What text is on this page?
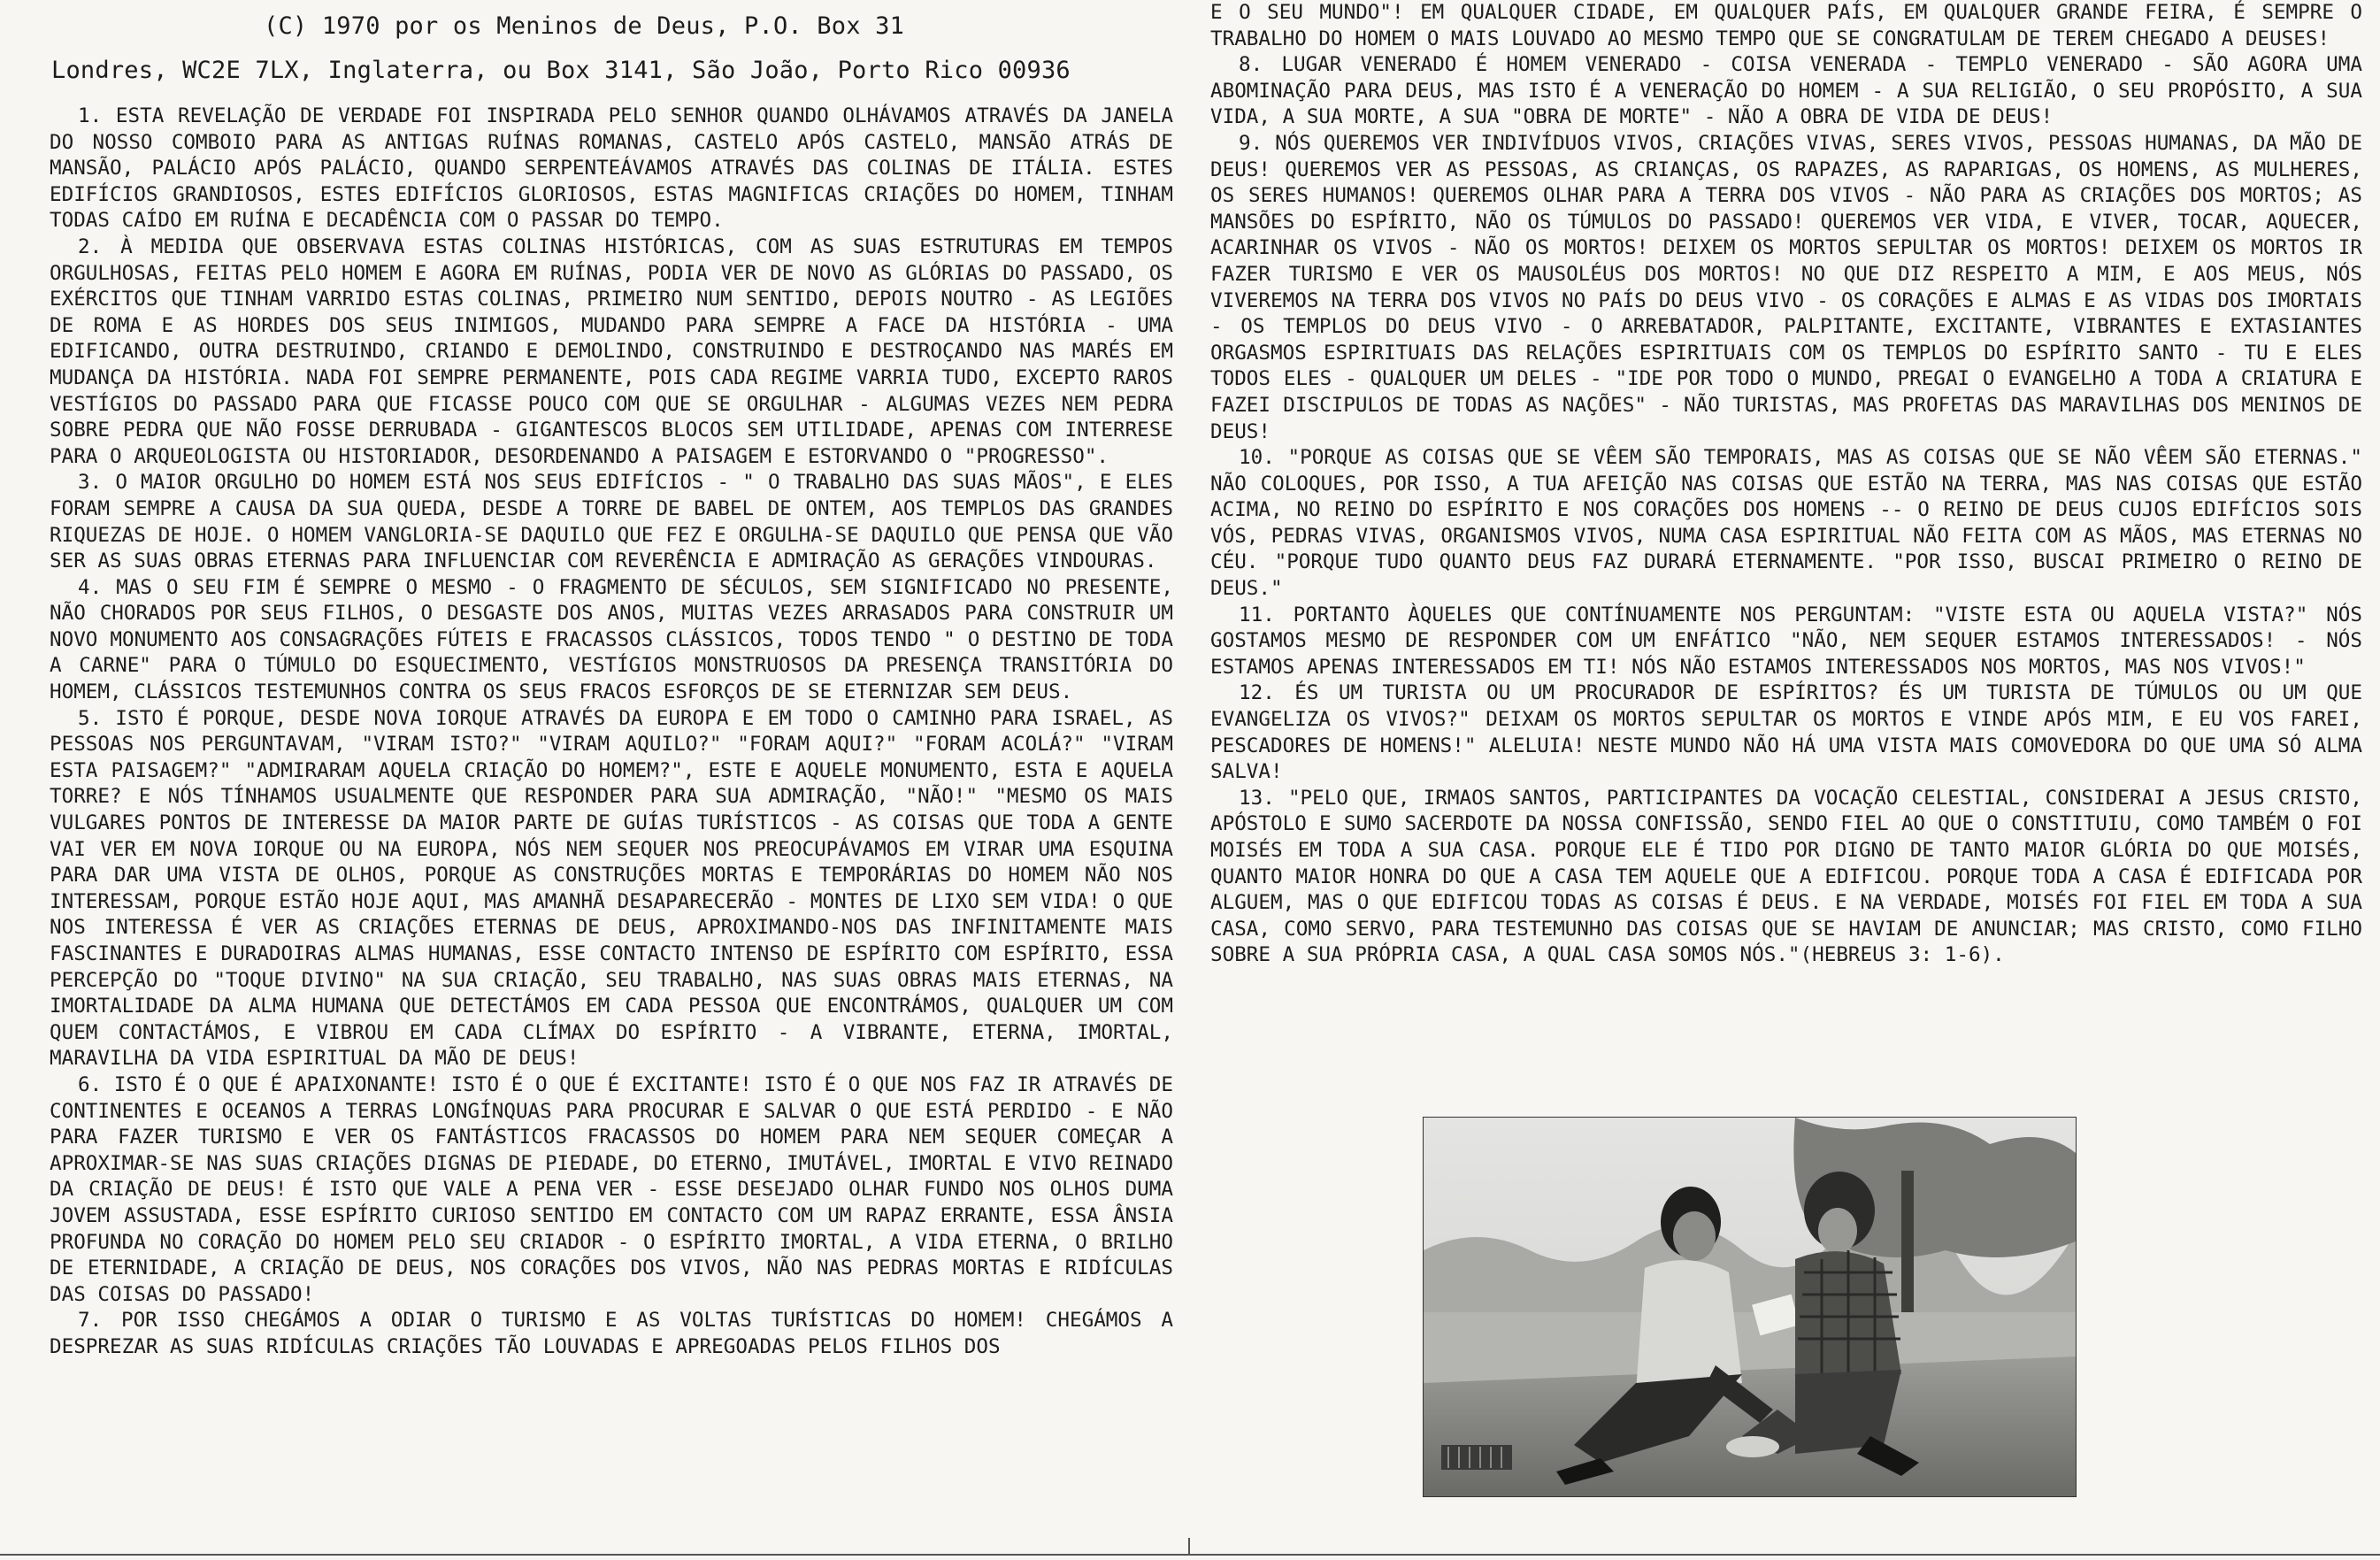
(C) 1970 por os Meninos de Deus, P.O. Box 31
Londres, WC2E 7LX, Inglaterra, ou Box 3141, São João, Porto Rico 00936

1. ESTA REVELAÇÃO DE VERDADE FOI INSPIRADA PELO SENHOR QUANDO OLHÁVAMOS ATRAVÉS DA JANELA DO NOSSO COMBOIO PARA AS ANTIGAS RUÍNAS ROMANAS, CASTELO APÓS CASTELO, MANSÃO ATRÁS DE MANSÃO, PALÁCIO APÓS PALÁCIO, QUANDO SERPENTEÁVAMOS ATRAVÉS DAS COLINAS DE ITÁLIA. ESTES EDIFÍCIOS GRANDIOSOS, ESTES EDIFÍCIOS GLORIOSOS, ESTAS MAGNIFICAS CRIAÇÕES DO HOMEM, TINHAM TODAS CAÍDO EM RUÍNA E DECADÊNCIA COM O PASSAR DO TEMPO.

2. À MEDIDA QUE OBSERVAVA ESTAS COLINAS HISTÓRICAS, COM AS SUAS ESTRUTURAS EM TEMPOS ORGULHOSAS, FEITAS PELO HOMEM E AGORA EM RUÍNAS, PODIA VER DE NOVO AS GLÓRIAS DO PASSADO, OS EXÉRCITOS QUE TINHAM VARRIDO ESTAS COLINAS, PRIMEIRO NUM SENTIDO, DEPOIS NOUTRO - AS LEGIÕES DE ROMA E AS HORDES DOS SEUS INIMIGOS, MUDANDO PARA SEMPRE A FACE DA HISTÓRIA - UMA EDIFICANDO, OUTRA DESTRUINDO, CRIANDO E DEMOLINDO, CONSTRUINDO E DESTROÇANDO NAS MARÉS EM MUDANÇA DA HISTÓRIA. NADA FOI SEMPRE PERMANENTE, POIS CADA REGIME VARRIA TUDO, EXCEPTO RAROS VESTÍGIOS DO PASSADO PARA QUE FICASSE POUCO COM QUE SE ORGULHAR - ALGUMAS VEZES NEM PEDRA SOBRE PEDRA QUE NÃO FOSSE DERRUBADA - GIGANTESCOS BLOCOS SEM UTILIDADE, APENAS COM INTERRESE PARA O ARQUEOLOGISTA OU HISTORIADOR, DESORDENANDO A PAISAGEM E ESTORVANDO O "PROGRESSO".

3. O MAIOR ORGULHO DO HOMEM ESTÁ NOS SEUS EDIFÍCIOS - " O TRABALHO DAS SUAS MÃOS", E ELES FORAM SEMPRE A CAUSA DA SUA QUEDA, DESDE A TORRE DE BABEL DE ONTEM, AOS TEMPLOS DAS GRANDES RIQUEZAS DE HOJE. O HOMEM VANGLORIA-SE DAQUILO QUE FEZ E ORGULHA-SE DAQUILO QUE PENSA QUE VÃO SER AS SUAS OBRAS ETERNAS PARA INFLUENCIAR COM REVERÊNCIA E ADMIRAÇÃO AS GERAÇÕES VINDOURAS.

4. MAS O SEU FIM É SEMPRE O MESMO - O FRAGMENTO DE SÉCULOS, SEM SIGNIFICADO NO PRESENTE, NÃO CHORADOS POR SEUS FILHOS, O DESGASTE DOS ANOS, MUITAS VEZES ARRASADOS PARA CONSTRUIR UM NOVO MONUMENTO AOS CONSAGRAÇÕES FÚTEIS E FRACASSOS CLÁSSICOS, TODOS TENDO " O DESTINO DE TODA A CARNE" PARA O TÚMULO DO ESQUECIMENTO, VESTÍGIOS MONSTRUOSOS DA PRESENÇA TRANSITÓRIA DO HOMEM, CLÁSSICOS TESTEMUNHOS CONTRA OS SEUS FRACOS ESFORÇOS DE SE ETERNIZAR SEM DEUS.

5. ISTO É PORQUE, DESDE NOVA IORQUE ATRAVÉS DA EUROPA E EM TODO O CAMINHO PARA ISRAEL, AS PESSOAS NOS PERGUNTAVAM, "VIRAM ISTO?" "VIRAM AQUILO?" "FORAM AQUI?" "FORAM ACOLÁ?" "VIRAM ESTA PAISAGEM?" "ADMIRARAM AQUELA CRIAÇÃO DO HOMEM?", ESTE E AQUELE MONUMENTO, ESTA E AQUELA TORRE? E NÓS TÍNHAMOS USUALMENTE QUE RESPONDER PARA SUA ADMIRAÇÃO, "NÃO!" "MESMO OS MAIS VULGARES PONTOS DE INTERESSE DA MAIOR PARTE DE GUÍAS TURÍSTICOS - AS COISAS QUE TODA A GENTE VAI VER EM NOVA IORQUE OU NA EUROPA, NÓS NEM SEQUER NOS PREOCUPÁVAMOS EM VIRAR UMA ESQUINA PARA DAR UMA VISTA DE OLHOS, PORQUE AS CONSTRUÇÕES MORTAS E TEMPORÁRIAS DO HOMEM NÃO NOS INTERESSAM, PORQUE ESTÃO HOJE AQUI, MAS AMANHÃ DESAPARECERÃO - MONTES DE LIXO SEM VIDA! O QUE NOS INTERESSA É VER AS CRIAÇÕES ETERNAS DE DEUS, APROXIMANDO-NOS DAS INFINITAMENTE MAIS FASCINANTES E DURADOIRAS ALMAS HUMANAS, ESSE CONTACTO INTENSO DE ESPÍRITO COM ESPÍRITO, ESSA PERCEPÇÃO DO "TOQUE DIVINO" NA SUA CRIAÇÃO, SEU TRABALHO, NAS SUAS OBRAS MAIS ETERNAS, NA IMORTALIDADE DA ALMA HUMANA QUE DETECTÁMOS EM CADA PESSOA QUE ENCONTRÁMOS, QUALQUER UM COM QUEM CONTACTÁMOS, E VIBROU EM CADA CLÍMAX DO ESPÍRITO - A VIBRANTE, ETERNA, IMORTAL, MARAVILHA DA VIDA ESPIRITUAL DA MÃO DE DEUS!

6. ISTO É O QUE É APAIXONANTE! ISTO É O QUE É EXCITANTE! ISTO É O QUE NOS FAZ IR ATRAVÉS DE CONTINENTES E OCEANOS A TERRAS LONGÍNQUAS PARA PROCURAR E SALVAR O QUE ESTÁ PERDIDO - E NÃO PARA FAZER TURISMO E VER OS FANTÁSTICOS FRACASSOS DO HOMEM PARA NEM SEQUER COMEÇAR A APROXIMAR-SE NAS SUAS CRIAÇÕES DIGNAS DE PIEDADE, DO ETERNO, IMUTÁVEL, IMORTAL E VIVO REINADO DA CRIAÇÃO DE DEUS! É ISTO QUE VALE A PENA VER - ESSE DESEJADO OLHAR FUNDO NOS OLHOS DUMA JOVEM ASSUSTADA, ESSE ESPÍRITO CURIOSO SENTIDO EM CONTACTO COM UM RAPAZ ERRANTE, ESSA ÂNSIA PROFUNDA NO CORAÇÃO DO HOMEM PELO SEU CRIADOR - O ESPÍRITO IMORTAL, A VIDA ETERNA, O BRILHO DE ETERNIDADE, A CRIAÇÃO DE DEUS, NOS CORAÇÕES DOS VIVOS, NÃO NAS PEDRAS MORTAS E RIDÍCULAS DAS COISAS DO PASSADO!

7. POR ISSO CHEGÁMOS A ODIAR O TURISMO E AS VOLTAS TURÍSTICAS DO HOMEM! CHEGÁMOS A DESPREZAR AS SUAS RIDÍCULAS CRIAÇÕES TÃO LOUVADAS E APREGOADAS PELOS FILHOS DOS

E O SEU MUNDO"! EM QUALQUER CIDADE, EM QUALQUER PAÍS, EM QUALQUER GRANDE FEIRA, É SEMPRE O TRABALHO DO HOMEM O MAIS LOUVADO AO MESMO TEMPO QUE SE CONGRATULAM DE TEREM CHEGADO A DEUSES!

8. LUGAR VENERADO É HOMEM VENERADO - COISA VENERADA - TEMPLO VENERADO - SÃO AGORA UMA ABOMINAÇÃO PARA DEUS, MAS ISTO É A VENERAÇÃO DO HOMEM - A SUA RELIGIÃO, O SEU PROPÓSITO, A SUA VIDA, A SUA MORTE, A SUA "OBRA DE MORTE" - NÃO A OBRA DE VIDA DE DEUS!

9. NÓS QUEREMOS VER INDIVÍDUOS VIVOS, CRIAÇÕES VIVAS, SERES VIVOS, PESSOAS HUMANAS, DA MÃO DE DEUS! QUEREMOS VER AS PESSOAS, AS CRIANÇAS, OS RAPAZES, AS RAPARIGAS, OS HOMENS, AS MULHERES, OS SERES HUMANOS! QUEREMOS OLHAR PARA A TERRA DOS VIVOS - NÃO PARA AS CRIAÇÕES DOS MORTOS; AS MANSÕES DO ESPÍRITO, NÃO OS TÚMULOS DO PASSADO! QUEREMOS VER VIDA, E VIVER, TOCAR, AQUECER, ACARINHAR OS VIVOS - NÃO OS MORTOS! DEIXEM OS MORTOS SEPULTAR OS MORTOS! DEIXEM OS MORTOS IR FAZER TURISMO E VER OS MAUSOLÉUS DOS MORTOS! NO QUE DIZ RESPEITO A MIM, E AOS MEUS, NÓS VIVEREMOS NA TERRA DOS VIVOS NO PAÍS DO DEUS VIVO - OS CORAÇÕES E ALMAS E AS VIDAS DOS IMORTAIS - OS TEMPLOS DO DEUS VIVO - O ARREBATADOR, PALPITANTE, EXCITANTE, VIBRANTES E EXTASIANTES ORGASMOS ESPIRITUAIS DAS RELAÇÕES ESPIRITUAIS COM OS TEMPLOS DO ESPÍRITO SANTO - TU E ELES TODOS ELES - QUALQUER UM DELES - "IDE POR TODO O MUNDO, PREGAI O EVANGELHO A TODA A CRIATURA E FAZEI DISCIPULOS DE TODAS AS NAÇÕES" - NÃO TURISTAS, MAS PROFETAS DAS MARAVILHAS DOS MENINOS DE DEUS!

10. "PORQUE AS COISAS QUE SE VÊEM SÃO TEMPORAIS, MAS AS COISAS QUE SE NÃO VÊEM SÃO ETERNAS." NÃO COLOQUES, POR ISSO, A TUA AFEIÇÃO NAS COISAS QUE ESTÃO NA TERRA, MAS NAS COISAS QUE ESTÃO ACIMA, NO REINO DO ESPÍRITO E NOS CORAÇÕES DOS HOMENS -- O REINO DE DEUS CUJOS EDIFÍCIOS SOIS VÓS, PEDRAS VIVAS, ORGANISMOS VIVOS, NUMA CASA ESPIRITUAL NÃO FEITA COM AS MÃOS, MAS ETERNAS NO CÉU. "PORQUE TUDO QUANTO DEUS FAZ DURARÁ ETERNAMENTE. "POR ISSO, BUSCAI PRIMEIRO O REINO DE DEUS."

11. PORTANTO ÀQUELES QUE CONTÍNUAMENTE NOS PERGUNTAM: "VISTE ESTA OU AQUELA VISTA?" NÓS GOSTAMOS MESMO DE RESPONDER COM UM ENFÁTICO "NÃO, NEM SEQUER ESTAMOS INTERESSADOS! - NÓS ESTAMOS APENAS INTERESSADOS EM TI! NÓS NÃO ESTAMOS INTERESSADOS NOS MORTOS, MAS NOS VIVOS!"

12. ÉS UM TURISTA OU UM PROCURADOR DE ESPÍRITOS? ÉS UM TURISTA DE TÚMULOS OU UM QUE EVANGELIZA OS VIVOS?" DEIXAM OS MORTOS SEPULTAR OS MORTOS E VINDE APÓS MIM, E EU VOS FAREI, PESCADORES DE HOMENS!" ALELUIA! NESTE MUNDO NÃO HÁ UMA VISTA MAIS COMOVEDORA DO QUE UMA SÓ ALMA SALVA!

13. "PELO QUE, IRMAOS SANTOS, PARTICIPANTES DA VOCAÇÃO CELESTIAL, CONSIDERAI A JESUS CRISTO, APÓSTOLO E SUMO SACERDOTE DA NOSSA CONFISSÃO, SENDO FIEL AO QUE O CONSTITUIU, COMO TAMBÉM O FOI MOISÉS EM TODA A SUA CASA. PORQUE ELE É TIDO POR DIGNO DE TANTO MAIOR GLÓRIA DO QUE MOISÉS, QUANTO MAIOR HONRA DO QUE A CASA TEM AQUELE QUE A EDIFICOU. PORQUE TODA A CASA É EDIFICADA POR ALGUEM, MAS O QUE EDIFICOU TODAS AS COISAS É DEUS. E NA VERDADE, MOISÉS FOI FIEL EM TODA A SUA CASA, COMO SERVO, PARA TESTEMUNHO DAS COISAS QUE SE HAVIAM DE ANUNCIAR; MAS CRISTO, COMO FILHO SOBRE A SUA PRÓPRIA CASA, A QUAL CASA SOMOS NÓS."(HEBREUS 3: 1-6).
